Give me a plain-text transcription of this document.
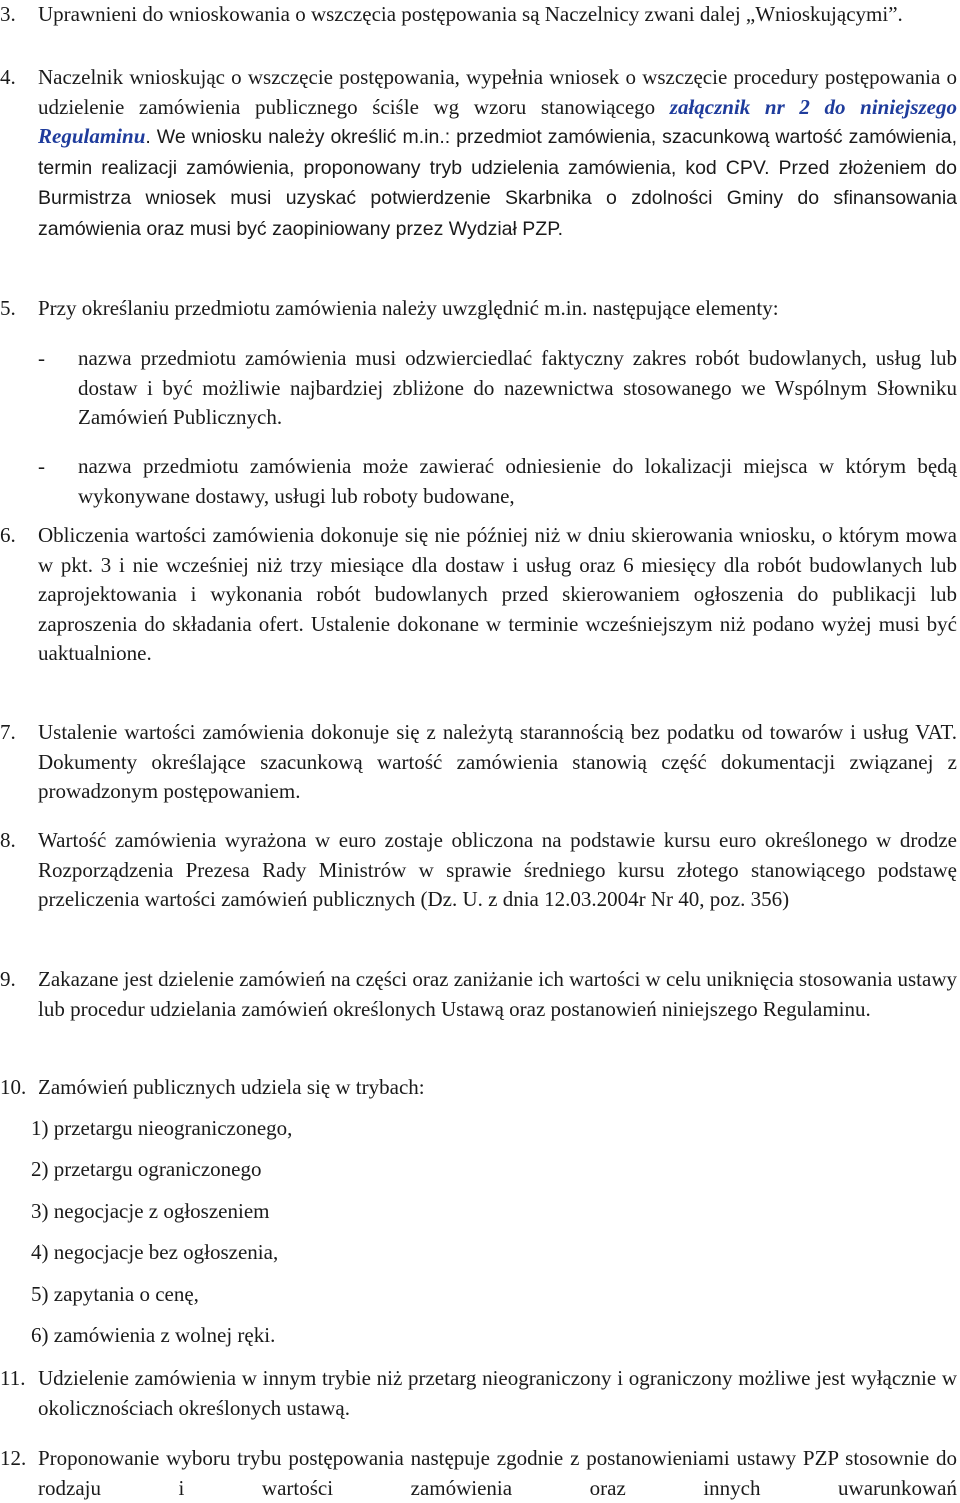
3. Uprawnieni do wnioskowania o wszczęcia postępowania są Naczelnicy zwani dalej „Wnioskującymi”.
4. Naczelnik wnioskując o wszczęcie postępowania, wypełnia wniosek o wszczęcie procedury postępowania o udzielenie zamówienia publicznego ściśle wg wzoru stanowiącego załącznik nr 2 do niniejszego Regulaminu. We wniosku należy określić m.in.: przedmiot zamówienia, szacunkową wartość zamówienia, termin realizacji zamówienia, proponowany tryb udzielenia zamówienia, kod CPV. Przed złożeniem do Burmistrza wniosek musi uzyskać potwierdzenie Skarbnika o zdolności Gminy do sfinansowania zamówienia oraz musi być zaopiniowany przez Wydział PZP.
5. Przy określaniu przedmiotu zamówienia należy uwzględnić m.in. następujące elementy:
- nazwa przedmiotu zamówienia musi odzwierciedlać faktyczny zakres robót budowlanych, usług lub dostaw i być możliwie najbardziej zbliżone do nazewnictwa stosowanego we Wspólnym Słowniku Zamówień Publicznych.
- nazwa przedmiotu zamówienia może zawierać odniesienie do lokalizacji miejsca w którym będą wykonywane dostawy, usługi lub roboty budowane,
6. Obliczenia wartości zamówienia dokonuje się nie później niż w dniu skierowania wniosku, o którym mowa w pkt. 3 i nie wcześniej niż trzy miesiące dla dostaw i usług oraz 6 miesięcy dla robót budowlanych lub zaprojektowania i wykonania robót budowlanych przed skierowaniem ogłoszenia do publikacji lub zaproszenia do składania ofert. Ustalenie dokonane w terminie wcześniejszym niż podano wyżej musi być uaktualnione.
7. Ustalenie wartości zamówienia dokonuje się z należytą starannością bez podatku od towarów i usług VAT. Dokumenty określające szacunkową wartość zamówienia stanowią część dokumentacji związanej z prowadzonym postępowaniem.
8. Wartość zamówienia wyrażona w euro zostaje obliczona na podstawie kursu euro określonego w drodze Rozporządzenia Prezesa Rady Ministrów w sprawie średniego kursu złotego stanowiącego podstawę przeliczenia wartości zamówień publicznych (Dz. U. z dnia 12.03.2004r Nr 40, poz. 356)
9. Zakazane jest dzielenie zamówień na części oraz zaniżanie ich wartości w celu uniknięcia stosowania ustawy lub procedur udzielania zamówień określonych Ustawą oraz postanowień niniejszego Regulaminu.
10. Zamówień publicznych udziela się w trybach:
1) przetargu nieograniczonego,
2) przetargu ograniczonego
3) negocjacje z ogłoszeniem
4) negocjacje bez ogłoszenia,
5) zapytania o cenę,
6) zamówienia z wolnej ręki.
11. Udzielenie zamówienia w innym trybie niż przetarg nieograniczony i ograniczony możliwe jest wyłącznie w okolicznościach określonych ustawą.
12. Proponowanie wyboru trybu postępowania następuje zgodnie z postanowieniami ustawy PZP stosownie do rodzaju i wartości zamówienia oraz innych uwarunkowań
